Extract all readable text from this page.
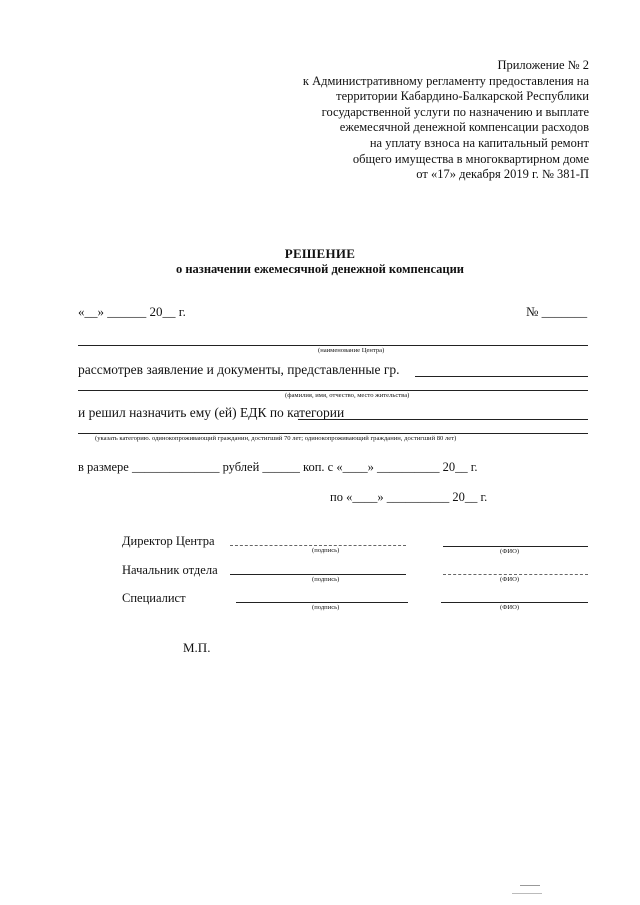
Приложение № 2
к Административному регламенту предоставления на
территории Кабардино-Балкарской Республики
государственной услуги по назначению и выплате
ежемесячной денежной компенсации расходов
на уплату взноса на капитальный ремонт
общего имущества в многоквартирном доме
от «17» декабря 2019 г. № 381-П
РЕШЕНИЕ
о назначении ежемесячной денежной компенсации
«__» ______ 20__ г.	№ _______
(наименование Центра)
рассмотрев заявление и документы, представленные гр.
(фамилия, имя, отчество, место жительства)
и решил назначить ему (ей) ЕДК по категории
(указать категорию. одинокопроживающий гражданин, достигший 70 лет; одинокопроживающий гражданин, достигший 80 лет)
в размере ______________ рублей ______ коп. с «____» __________ 20__ г.
по «____» __________ 20__ г.
Директор Центра
(подпись)	(ФИО)
Начальник отдела
(подпись)	(ФИО)
Специалист
(подпись)	(ФИО)
М.П.
